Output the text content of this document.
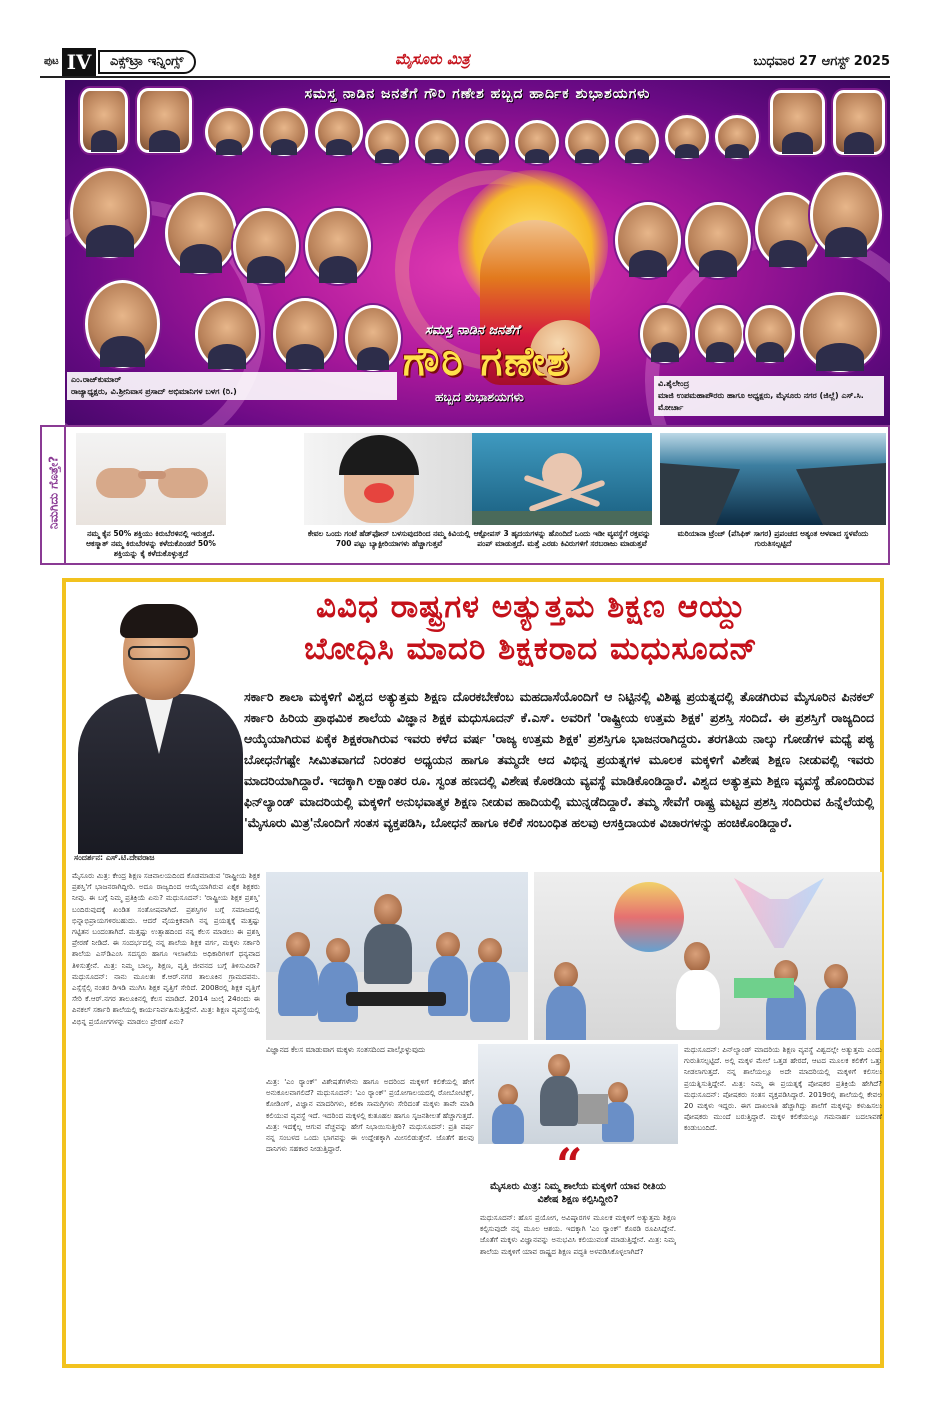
ಪುಟ IV	ಎಕ್ಸ್‌ಟ್ರಾ ಇನ್ನಿಂಗ್ಸ್	ಮೈಸೂರು ಮಿತ್ರ	ಬುಧವಾರ 27 ಆಗಸ್ಟ್ 2025
ಸಮಸ್ತ ನಾಡಿನ ಜನತೆಗೆ ಗೌರಿ ಗಣೇಶ ಹಬ್ಬದ ಹಾರ್ದಿಕ ಶುಭಾಶಯಗಳು
ಸಮಸ್ತ ನಾಡಿನ ಜನತೆಗೆ
ಗೌರಿ ಗಣೇಶ
ಹಬ್ಬದ ಶುಭಾಶಯಗಳು
ಎಂ.ರಾಜ್‌ಕುಮಾರ್
ರಾಜ್ಯಾಧ್ಯಕ್ಷರು, ವಿ.ಶ್ರೀನಿವಾಸ ಪ್ರಸಾದ್ ಅಭಿಮಾನಿಗಳ ಬಳಗ (ರಿ.)
ವಿ.ಶೈಲೇಂದ್ರ
ಮಾಜಿ ಉಪಮಹಾಪೌರರು ಹಾಗೂ ಅಧ್ಯಕ್ಷರು, ಮೈಸೂರು ನಗರ (ಜಿಲ್ಲೆ) ಎಸ್.ಸಿ. ಮೋರ್ಚಾ
ನಿಮಗಿದು ಗೊತ್ತೇ?
ನಮ್ಮ ಕೈನ 50% ಶಕ್ತಿಯು ಕಿರುಬೆರಳಿನಲ್ಲಿ ಇರುತ್ತದೆ. ಆಕಸ್ಮಾತ್ ನಮ್ಮ ಕಿರುಬೆರಳನ್ನು ಕಳೆದುಕೊಂಡರೆ 50% ಶಕ್ತಿಯನ್ನು ಕೈ ಕಳೆದುಕೊಳ್ಳುತ್ತದೆ
ಕೇವಲ ಒಂದು ಗಂಟೆ ಹೆಡ್‌ಫೋನ್ ಬಳಸುವುದರಿಂದ ನಮ್ಮ ಕಿವಿಯಲ್ಲಿ 700 ಪಟ್ಟು ಬ್ಯಾಕ್ಟೀರಿಯಾಗಳು ಹೆಚ್ಚಾಗುತ್ತವೆ
ಆಕ್ಟೋಪಸ್ 3 ಹೃದಯಗಳನ್ನು ಹೊಂದಿದೆ ಒಂದು ಇಡೀ ವ್ಯವಸ್ಥೆಗೆ ರಕ್ತವನ್ನು ಪಂಪ್ ಮಾಡುತ್ತದೆ. ಮತ್ತೆ ಎರಡು ಕಿವಿರುಗಳಿಗೆ ಸರಬರಾಜು ಮಾಡುತ್ತವೆ
ಮರಿಯಾನಾ ಟ್ರೆಂಚ್ (ಪೆಸಿಫಿಕ್ ಸಾಗರ) ಪ್ರಪಂಚದ ಅತ್ಯಂತ ಆಳವಾದ ಸ್ಥಳವೆಂದು ಗುರುತಿಸಲ್ಪಟ್ಟಿದೆ
ವಿವಿಧ ರಾಷ್ಟ್ರಗಳ ಅತ್ಯುತ್ತಮ ಶಿಕ್ಷಣ ಆಯ್ದು
ಬೋಧಿಸಿ ಮಾದರಿ ಶಿಕ್ಷಕರಾದ ಮಧುಸೂದನ್
ಸರ್ಕಾರಿ ಶಾಲಾ ಮಕ್ಕಳಿಗೆ ವಿಶ್ವದ ಅತ್ಯುತ್ತಮ ಶಿಕ್ಷಣ ದೊರಕಬೇಕೆಂಬ ಮಹದಾಸೆಯೊಂದಿಗೆ ಆ ನಿಟ್ಟಿನಲ್ಲಿ ವಿಶಿಷ್ಟ ಪ್ರಯತ್ನದಲ್ಲಿ ತೊಡಗಿರುವ ಮೈಸೂರಿನ ಪಿನಕಲ್ ಸರ್ಕಾರಿ ಹಿರಿಯ ಪ್ರಾಥಮಿಕ ಶಾಲೆಯ ವಿಜ್ಞಾನ ಶಿಕ್ಷಕ ಮಧುಸೂದನ್ ಕೆ.ಎಸ್. ಅವರಿಗೆ 'ರಾಷ್ಟ್ರೀಯ ಉತ್ತಮ ಶಿಕ್ಷಕ' ಪ್ರಶಸ್ತಿ ಸಂದಿದೆ. ಈ ಪ್ರಶಸ್ತಿಗೆ ರಾಜ್ಯದಿಂದ ಆಯ್ಕೆಯಾಗಿರುವ ಏಕೈಕ ಶಿಕ್ಷಕರಾಗಿರುವ ಇವರು ಕಳೆದ ವರ್ಷ 'ರಾಜ್ಯ ಉತ್ತಮ ಶಿಕ್ಷಕ' ಪ್ರಶಸ್ತಿಗೂ ಭಾಜನರಾಗಿದ್ದರು. ತರಗತಿಯ ನಾಲ್ಕು ಗೋಡೆಗಳ ಮಧ್ಯೆ ಪಠ್ಯ ಬೋಧನೆಗಷ್ಟೇ ಸೀಮಿತವಾಗದೆ ನಿರಂತರ ಅಧ್ಯಯನ ಹಾಗೂ ತಮ್ಮದೇ ಆದ ವಿಭಿನ್ನ ಪ್ರಯತ್ನಗಳ ಮೂಲಕ ಮಕ್ಕಳಿಗೆ ವಿಶೇಷ ಶಿಕ್ಷಣ ನೀಡುವಲ್ಲಿ ಇವರು ಮಾದರಿಯಾಗಿದ್ದಾರೆ. ಇದಕ್ಕಾಗಿ ಲಕ್ಷಾಂತರ ರೂ. ಸ್ವಂತ ಹಣದಲ್ಲಿ ವಿಶೇಷ ಕೊಠಡಿಯ ವ್ಯವಸ್ಥೆ ಮಾಡಿಕೊಂಡಿದ್ದಾರೆ. ವಿಶ್ವದ ಅತ್ಯುತ್ತಮ ಶಿಕ್ಷಣ ವ್ಯವಸ್ಥೆ ಹೊಂದಿರುವ ಫಿನ್‌ಲ್ಯಾಂಡ್ ಮಾದರಿಯಲ್ಲಿ ಮಕ್ಕಳಿಗೆ ಅನುಭವಾತ್ಮಕ ಶಿಕ್ಷಣ ನೀಡುವ ಹಾದಿಯಲ್ಲಿ ಮುನ್ನಡೆದಿದ್ದಾರೆ. ತಮ್ಮ ಸೇವೆಗೆ ರಾಷ್ಟ್ರ ಮಟ್ಟದ ಪ್ರಶಸ್ತಿ ಸಂದಿರುವ ಹಿನ್ನೆಲೆಯಲ್ಲಿ 'ಮೈಸೂರು ಮಿತ್ರ'ನೊಂದಿಗೆ ಸಂತಸ ವ್ಯಕ್ತಪಡಿಸಿ, ಬೋಧನೆ ಹಾಗೂ ಕಲಿಕೆ ಸಂಬಂಧಿತ ಹಲವು ಆಸಕ್ತಿದಾಯಕ ವಿಚಾರಗಳನ್ನು ಹಂಚಿಕೊಂಡಿದ್ದಾರೆ.
ಸಂದರ್ಶನ: ಎಸ್.ಟಿ.ದೇವರಾಜ
ಮೈಸೂರು ಮಿತ್ರ: ಕೇಂದ್ರ ಶಿಕ್ಷಣ ಸಚಿವಾಲಯದಿಂದ ಕೊಡಮಾಡುವ 'ರಾಷ್ಟ್ರೀಯ ಶಿಕ್ಷಕ ಪ್ರಶಸ್ತಿ'ಗೆ ಭಾಜನರಾಗಿದ್ದೀರಿ. ಅದೂ ರಾಜ್ಯದಿಂದ ಆಯ್ಕೆಯಾಗಿರುವ ಏಕೈಕ ಶಿಕ್ಷಕರು ನೀವು. ಈ ಬಗ್ಗೆ ನಿಮ್ಮ ಪ್ರತಿಕ್ರಿಯೆ ಏನು? ಮಧುಸೂದನ್: 'ರಾಷ್ಟ್ರೀಯ ಶಿಕ್ಷಕ ಪ್ರಶಸ್ತಿ' ಬಂದಿರುವುದಕ್ಕೆ ಖಂಡಿತ ಸಂತೋಷವಾಗಿದೆ. ಪ್ರಶಸ್ತಿಗಳ ಬಗ್ಗೆ ಸಮಾಜದಲ್ಲಿ ಭಿನ್ನಾಭಿಪ್ರಾಯಗಳಿರಬಹುದು. ಆದರೆ ವೈಯಕ್ತಿಕವಾಗಿ ನನ್ನ ಪ್ರಯತ್ನಕ್ಕೆ ಮತ್ತಷ್ಟು ಗಟ್ಟಿತನ ಬಂದಂತಾಗಿದೆ. ಮತ್ತಷ್ಟು ಉತ್ಸಾಹದಿಂದ ನನ್ನ ಕೆಲಸ ಮಾಡಲು ಈ ಪ್ರಶಸ್ತಿ ಪ್ರೇರಣೆ ನೀಡಿದೆ. ಈ ಸಂದರ್ಭದಲ್ಲಿ ನನ್ನ ಶಾಲೆಯ ಶಿಕ್ಷಕ ವರ್ಗ, ಮಕ್ಕಳು ಸರ್ಕಾರಿ ಶಾಲೆಯ ಎಸ್‌ಡಿಎಂಸಿ ಸದಸ್ಯರು ಹಾಗೂ ಇಲಾಖೆಯ ಅಧಿಕಾರಿಗಳಿಗೆ ಧನ್ಯವಾದ ತಿಳಿಸುತ್ತೇನೆ. ಮಿತ್ರ: ನಿಮ್ಮ ಬಾಲ್ಯ, ಶಿಕ್ಷಣ, ವೃತ್ತಿ ಜೀವನದ ಬಗ್ಗೆ ತಿಳಿಸುವಿರಾ? ಮಧುಸೂದನ್: ನಾನು ಮೂಲತಃ ಕೆ.ಆರ್.ನಗರ ತಾಲೂಕಿನ ಗ್ರಾಮದವನು. ಎಸ್ಸೆಸ್ಸೆಲ್ಸಿ ನಂತರ ಡಿಇಡಿ ಮುಗಿಸಿ ಶಿಕ್ಷಕ ವೃತ್ತಿಗೆ ಸೇರಿದೆ. 2008ರಲ್ಲಿ ಶಿಕ್ಷಕ ವೃತ್ತಿಗೆ ಸೇರಿ ಕೆ.ಆರ್.ನಗರ ತಾಲೂಕಿನಲ್ಲಿ ಕೆಲಸ ಮಾಡಿದೆ. 2014 ಜುಲೈ 24ರಂದು ಈ ಪಿನಕಲ್ ಸರ್ಕಾರಿ ಶಾಲೆಯಲ್ಲಿ ಕಾರ್ಯನಿರ್ವಹಿಸುತ್ತಿದ್ದೇನೆ. ಮಿತ್ರ: ಶಿಕ್ಷಣ ವ್ಯವಸ್ಥೆಯಲ್ಲಿ ವಿಭಿನ್ನ ಪ್ರಯೋಗಗಳನ್ನು ಮಾಡಲು ಪ್ರೇರಣೆ ಏನು?
ವಿಜ್ಞಾನದ ಕೆಲಸ ಮಾಡುವಾಗ ಮಕ್ಕಳು ಸಂತಸದಿಂದ ಪಾಲ್ಗೊಳ್ಳುವುದು
ಮಿತ್ರ: 'ಎಂ ರ್‍ಯಾಂಕ್' ವಿಶೇಷತೆಗಳೇನು ಹಾಗೂ ಅದರಿಂದ ಮಕ್ಕಳಿಗೆ ಕಲಿಕೆಯಲ್ಲಿ ಹೇಗೆ ಅನುಕೂಲವಾಗಲಿದೆ? ಮಧುಸೂದನ್: 'ಎಂ ರ್‍ಯಾಂಕ್' ಪ್ರಯೋಗಾಲಯದಲ್ಲಿ ರೋಬೋಟಿಕ್ಸ್, ಕೋಡಿಂಗ್, ವಿಜ್ಞಾನ ಮಾದರಿಗಳು, ಕಲಿಕಾ ಸಾಮಗ್ರಿಗಳು ಸೇರಿದಂತೆ ಮಕ್ಕಳು ತಾವೇ ಮಾಡಿ ಕಲಿಯುವ ವ್ಯವಸ್ಥೆ ಇದೆ. ಇದರಿಂದ ಮಕ್ಕಳಲ್ಲಿ ಕುತೂಹಲ ಹಾಗೂ ಸೃಜನಶೀಲತೆ ಹೆಚ್ಚಾಗುತ್ತದೆ. ಮಿತ್ರ: ಇದಕ್ಕೆಲ್ಲ ಆಗುವ ವೆಚ್ಚವನ್ನು ಹೇಗೆ ನಿಭಾಯಿಸುತ್ತೀರಿ? ಮಧುಸೂದನ್: ಪ್ರತಿ ವರ್ಷ ನನ್ನ ಸಂಬಳದ ಒಂದು ಭಾಗವನ್ನು ಈ ಉದ್ದೇಶಕ್ಕಾಗಿ ಮೀಸಲಿಡುತ್ತೇನೆ. ಜೊತೆಗೆ ಹಲವು ದಾನಿಗಳು ಸಹಕಾರ ನೀಡುತ್ತಿದ್ದಾರೆ.	“
ಮೈಸೂರು ಮಿತ್ರ: ನಿಮ್ಮ ಶಾಲೆಯ ಮಕ್ಕಳಿಗೆ ಯಾವ ರೀತಿಯ ವಿಶೇಷ ಶಿಕ್ಷಣ ಕಲ್ಪಿಸಿದ್ದೀರಿ?
ಮಧುಸೂದನ್: ಹೊಸ ಪ್ರಯೋಗ, ಅವಿಷ್ಕಾರಗಳ ಮೂಲಕ ಮಕ್ಕಳಿಗೆ ಅತ್ಯುತ್ತಮ ಶಿಕ್ಷಣ ಕಲ್ಪಿಸುವುದೇ ನನ್ನ ಮೂಲ ಆಶಯ. ಇದಕ್ಕಾಗಿ 'ಎಂ ರ್‍ಯಾಂಕ್' ಕೊಠಡಿ ರೂಪಿಸಿದ್ದೇನೆ. ಜೊತೆಗೆ ಮಕ್ಕಳು ವಿಜ್ಞಾನವನ್ನು ಅನುಭವಿಸಿ ಕಲಿಯುವಂತೆ ಮಾಡುತ್ತಿದ್ದೇನೆ. ಮಿತ್ರ: ನಿಮ್ಮ ಶಾಲೆಯ ಮಕ್ಕಳಿಗೆ ಯಾವ ರಾಷ್ಟ್ರದ ಶಿಕ್ಷಣ ಪದ್ಧತಿ ಅಳವಡಿಸಿಕೊಳ್ಳಲಾಗಿದೆ?
ಮಧುಸೂದನ್: ಪಿನ್‌ಲ್ಯಾಂಡ್ ಮಾದರಿಯ ಶಿಕ್ಷಣ ವ್ಯವಸ್ಥೆ ವಿಶ್ವದಲ್ಲೇ ಅತ್ಯುತ್ತಮ ಎಂದು ಗುರುತಿಸಲ್ಪಟ್ಟಿದೆ. ಅಲ್ಲಿ ಮಕ್ಕಳ ಮೇಲೆ ಒತ್ತಡ ಹೇರದೆ, ಆಟದ ಮೂಲಕ ಕಲಿಕೆಗೆ ಒತ್ತು ನೀಡಲಾಗುತ್ತದೆ. ನನ್ನ ಶಾಲೆಯಲ್ಲೂ ಅದೇ ಮಾದರಿಯಲ್ಲಿ ಮಕ್ಕಳಿಗೆ ಕಲಿಸಲು ಪ್ರಯತ್ನಿಸುತ್ತಿದ್ದೇನೆ. ಮಿತ್ರ: ನಿಮ್ಮ ಈ ಪ್ರಯತ್ನಕ್ಕೆ ಪೋಷಕರ ಪ್ರತಿಕ್ರಿಯೆ ಹೇಗಿದೆ? ಮಧುಸೂದನ್: ಪೋಷಕರು ಸಂತಸ ವ್ಯಕ್ತಪಡಿಸಿದ್ದಾರೆ. 2019ರಲ್ಲಿ ಶಾಲೆಯಲ್ಲಿ ಕೇವಲ 20 ಮಕ್ಕಳು ಇದ್ದರು. ಈಗ ದಾಖಲಾತಿ ಹೆಚ್ಚಾಗಿದ್ದು ಶಾಲೆಗೆ ಮಕ್ಕಳನ್ನು ಕಳುಹಿಸಲು ಪೋಷಕರು ಮುಂದೆ ಬರುತ್ತಿದ್ದಾರೆ. ಮಕ್ಕಳ ಕಲಿಕೆಯಲ್ಲೂ ಗಮನಾರ್ಹ ಬದಲಾವಣೆ ಕಂಡುಬಂದಿದೆ.
